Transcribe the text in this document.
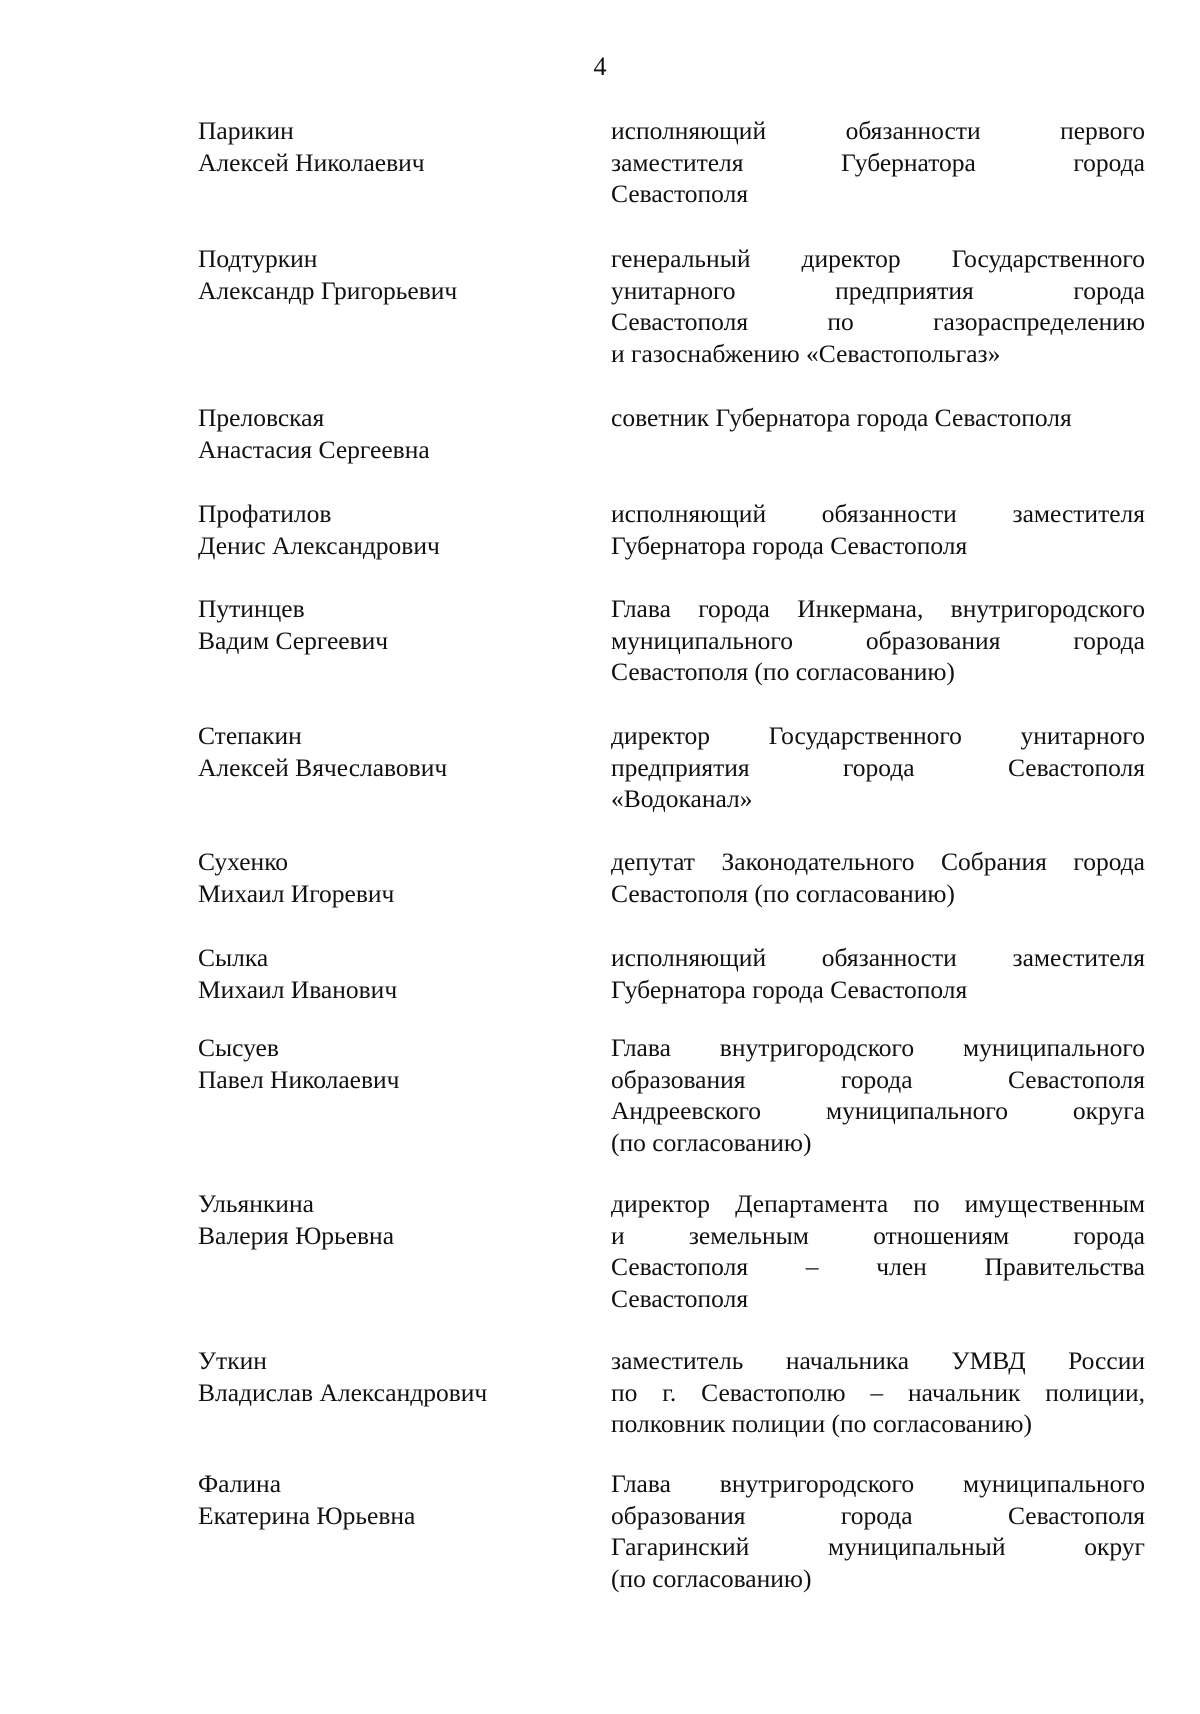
4
Парикин
Алексей Николаевич
исполняющий обязанности первого
заместителя Губернатора города
Севастополя
Подтуркин
Александр Григорьевич
генеральный директор Государственного
унитарного предприятия города
Севастополя по газораспределению
и газоснабжению «Севастопольгаз»
Преловская
Анастасия Сергеевна
советник Губернатора города Севастополя
Профатилов
Денис Александрович
исполняющий обязанности заместителя
Губернатора города Севастополя
Путинцев
Вадим Сергеевич
Глава города Инкермана, внутригородского
муниципального образования города
Севастополя (по согласованию)
Степакин
Алексей Вячеславович
директор Государственного унитарного
предприятия города Севастополя
«Водоканал»
Сухенко
Михаил Игоревич
депутат Законодательного Собрания города
Севастополя (по согласованию)
Сылка
Михаил Иванович
исполняющий обязанности заместителя
Губернатора города Севастополя
Сысуев
Павел Николаевич
Глава внутригородского муниципального
образования города Севастополя
Андреевского муниципального округа
(по согласованию)
Ульянкина
Валерия Юрьевна
директор Департамента по имущественным
и земельным отношениям города
Севастополя – член Правительства
Севастополя
Уткин
Владислав Александрович
заместитель начальника УМВД России
по г. Севастополю – начальник полиции,
полковник полиции (по согласованию)
Фалина
Екатерина Юрьевна
Глава внутригородского муниципального
образования города Севастополя
Гагаринский муниципальный округ
(по согласованию)
